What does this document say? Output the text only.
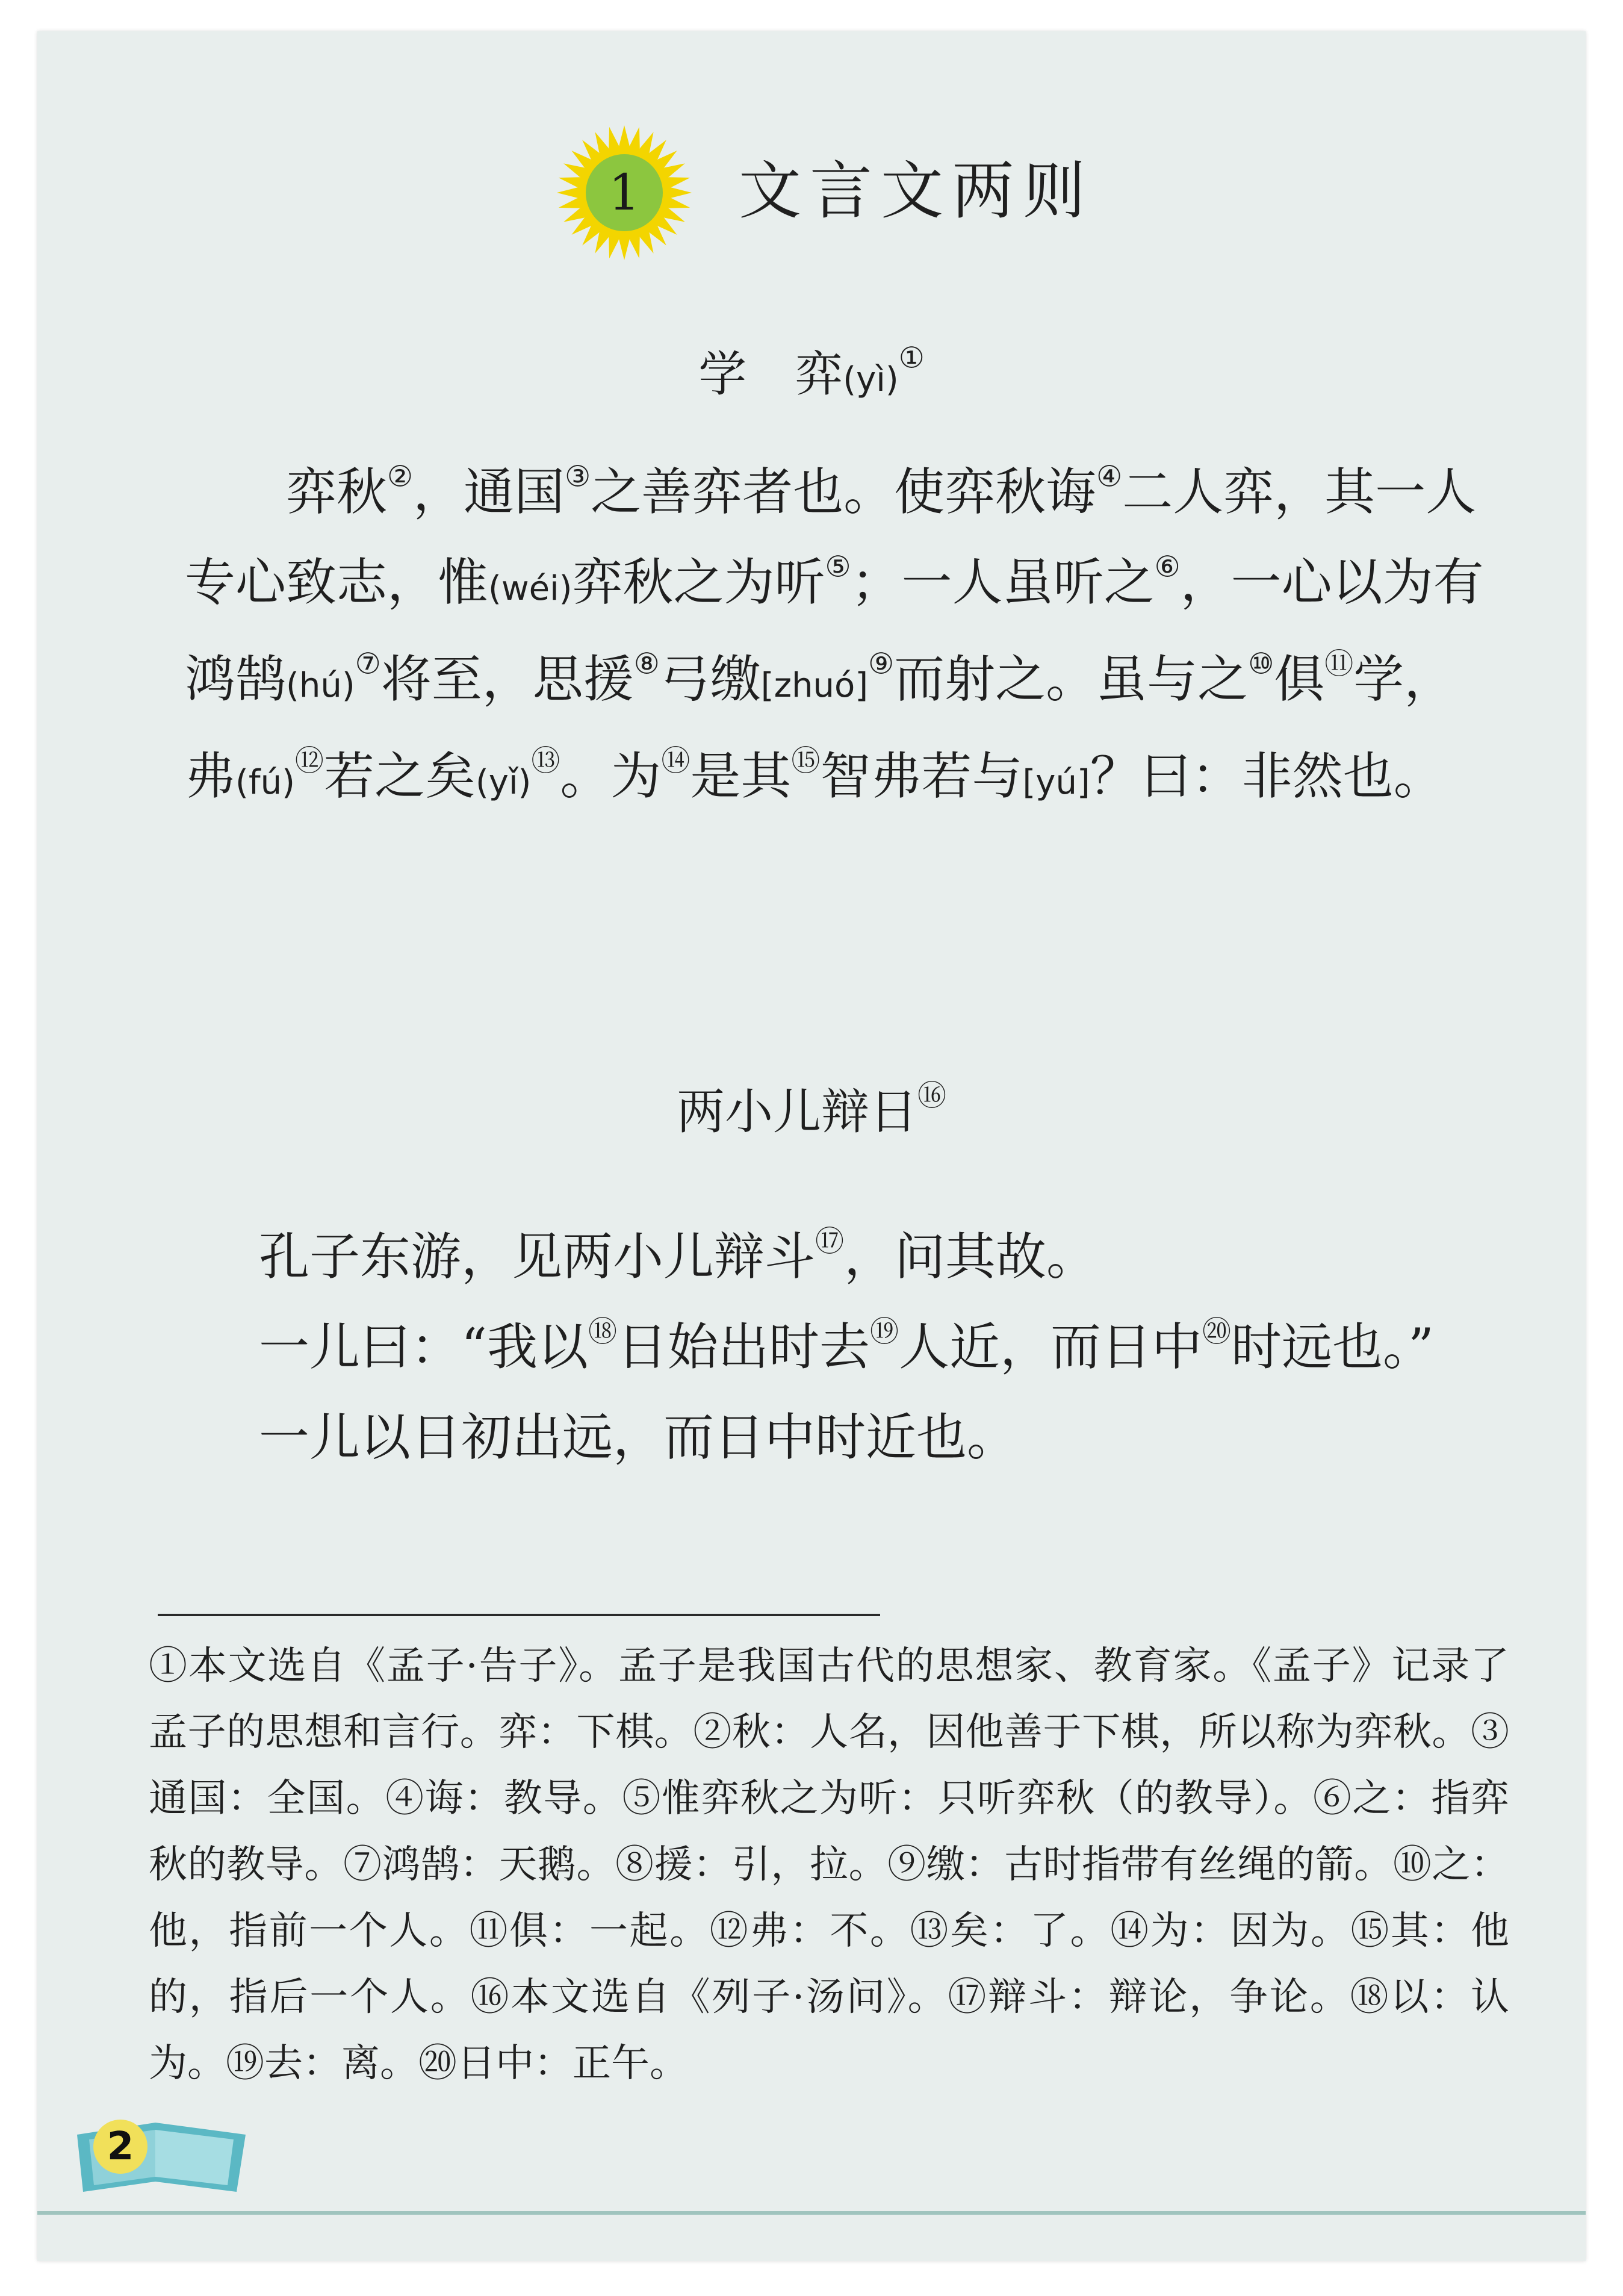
1 文言文两则
学　弈(yì)①

弈秋②，通国③之善弈者也。使弈秋诲④二人弈，其一人专心致志，惟(wéi)弈秋之为听⑤；一人虽听之⑥，一心以为有鸿鹄(hú)⑦将至，思援⑧弓缴[zhuó]⑨而射之。虽与之⑩俱⑪学，弗(fú)⑫若之矣(yǐ)⑬。为⑭是其⑮智弗若与[yú]？曰：非然也。

两小儿辩日⑯

孔子东游，见两小儿辩斗⑰，问其故。

一儿曰：“我以⑱日始出时去⑲人近，而日中⑳时远也。”

一儿以日初出远，而日中时近也。

①本文选自《孟子·告子》。孟子是我国古代的思想家、教育家。《孟子》记录了孟子的思想和言行。弈：下棋。②秋：人名，因他善于下棋，所以称为弈秋。③通国：全国。④诲：教导。⑤惟弈秋之为听：只听弈秋（的教导）。⑥之：指弈秋的教导。⑦鸿鹄：天鹅。⑧援：引，拉。⑨缴：古时指带有丝绳的箭。⑩之：他，指前一个人。⑪俱：一起。⑫弗：不。⑬矣：了。⑭为：因为。⑮其：他的，指后一个人。⑯本文选自《列子·汤问》。⑰辩斗：辩论，争论。⑱以：认为。⑲去：离。⑳日中：正午。
2
